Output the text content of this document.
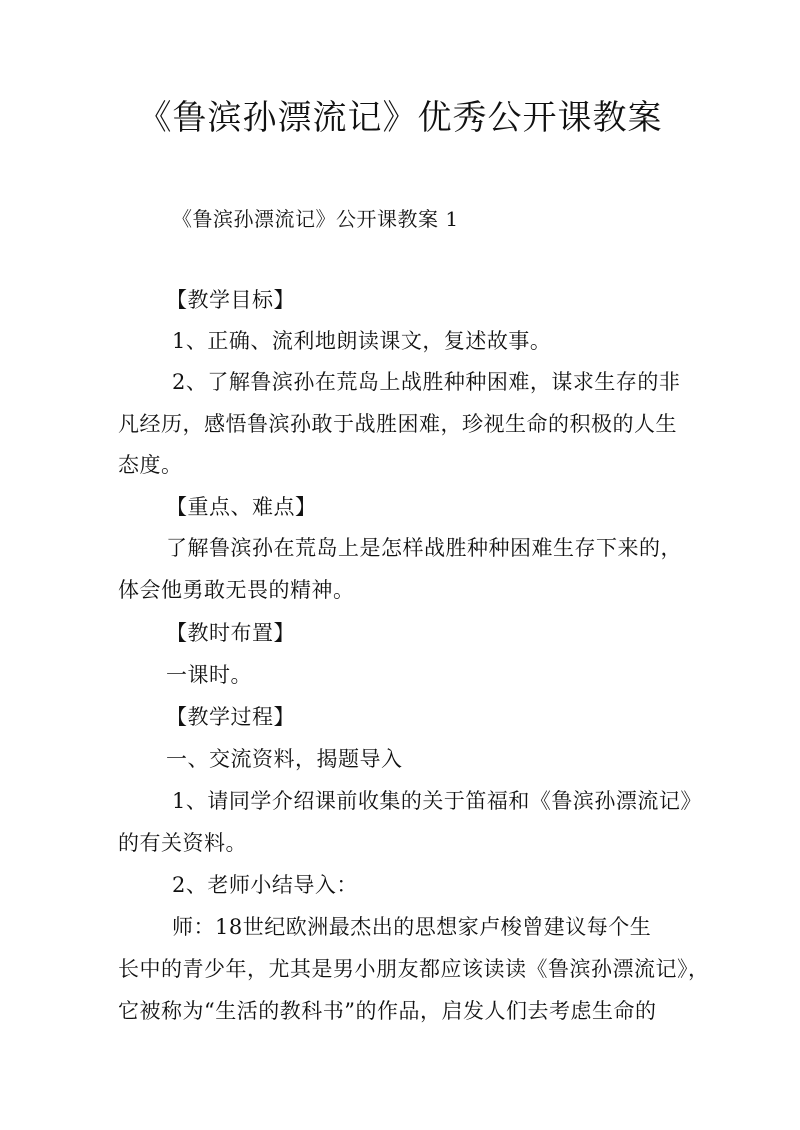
《鲁滨孙漂流记》优秀公开课教案
《鲁滨孙漂流记》公开课教案 1
【教学目标】
1、正确、流利地朗读课文，复述故事。
2、了解鲁滨孙在荒岛上战胜种种困难，谋求生存的非
凡经历，感悟鲁滨孙敢于战胜困难，珍视生命的积极的人生
态度。
【重点、难点】
了解鲁滨孙在荒岛上是怎样战胜种种困难生存下来的，
体会他勇敢无畏的精神。
【教时布置】
一课时。
【教学过程】
一、交流资料，揭题导入
1、请同学介绍课前收集的关于笛福和《鲁滨孙漂流记》
的有关资料。
2、老师小结导入：
师：18世纪欧洲最杰出的思想家卢梭曾建议每个生
长中的青少年，尤其是男小朋友都应该读读《鲁滨孙漂流记》，
它被称为“生活的教科书”的作品，启发人们去考虑生命的
